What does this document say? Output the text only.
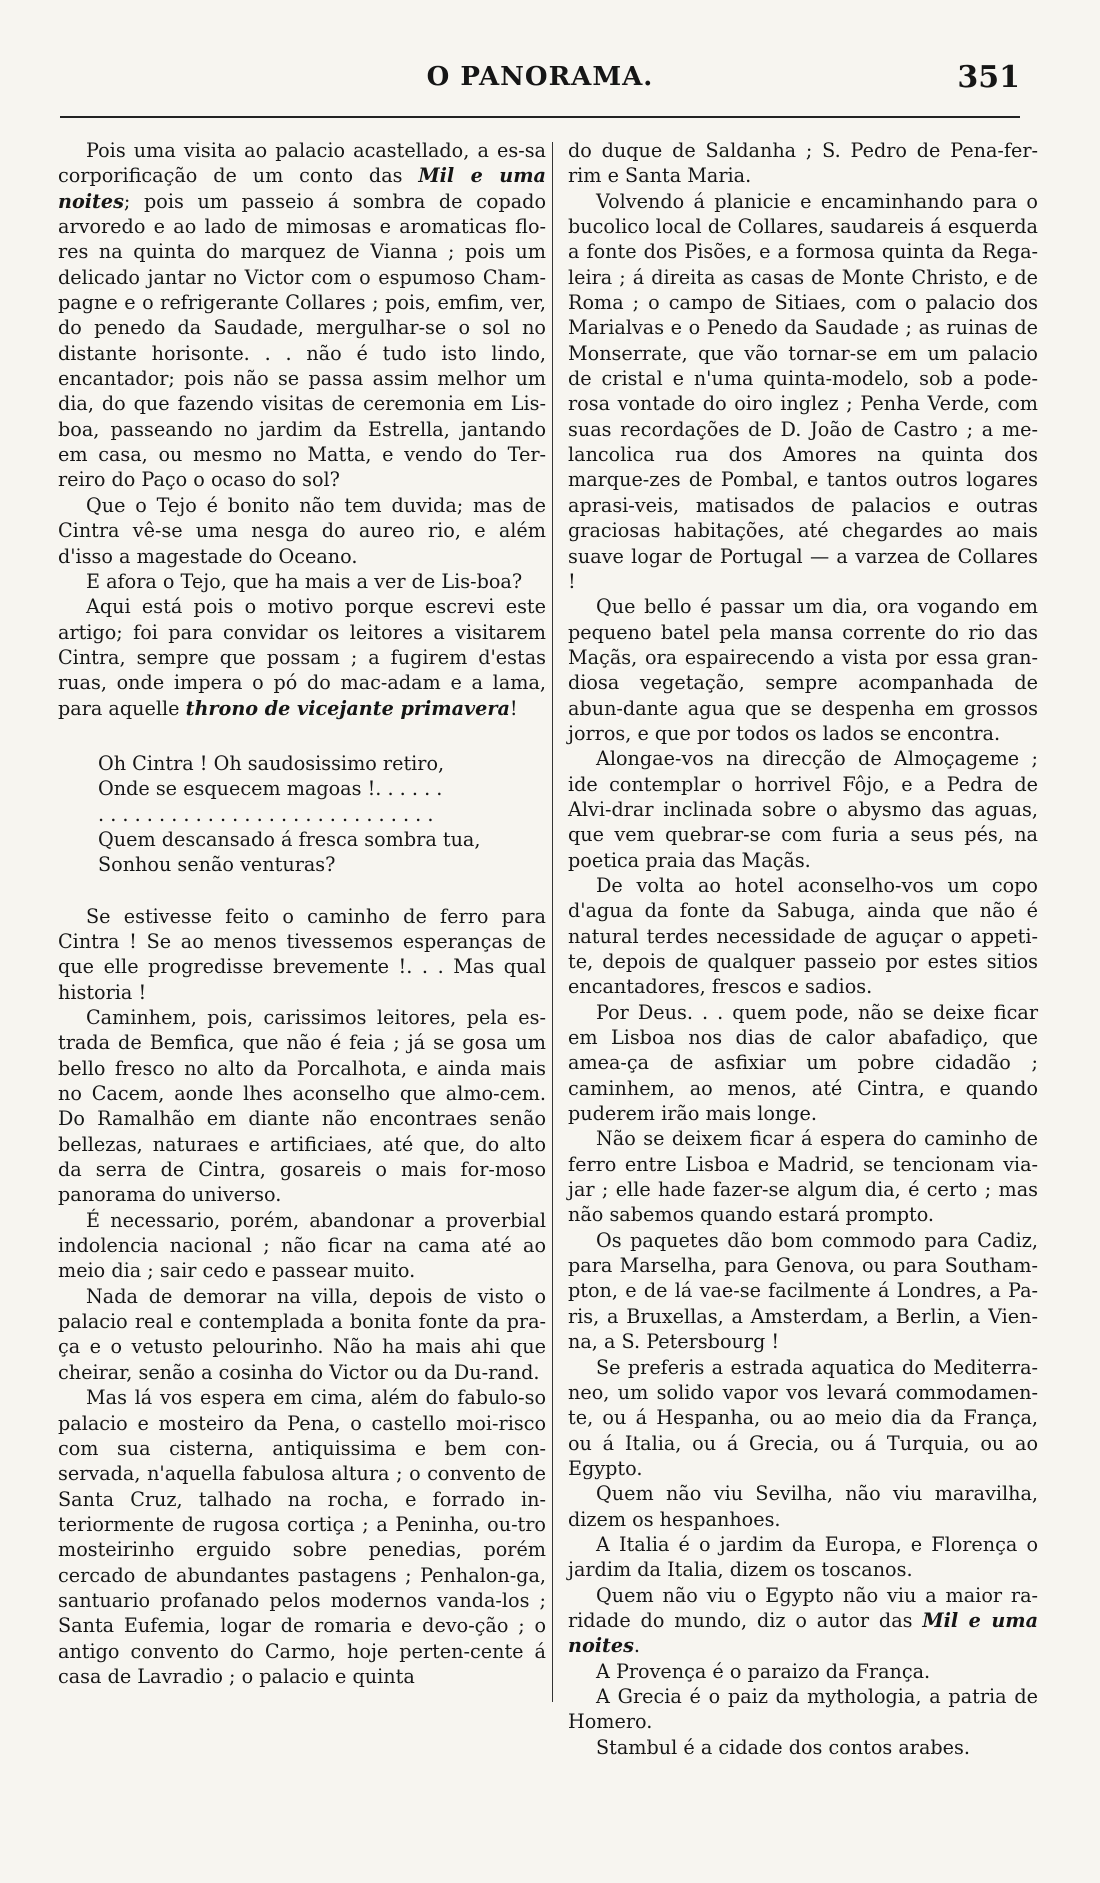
O PANORAMA.	351

Pois uma visita ao palacio acastellado, a es-sa corporificação de um conto das Mil e uma noites; pois um passeio á sombra de copado arvoredo e ao lado de mimosas e aromaticas flo-res na quinta do marquez de Vianna ; pois um delicado jantar no Victor com o espumoso Cham-pagne e o refrigerante Collares ; pois, emfim, ver, do penedo da Saudade, mergulhar-se o sol no distante horisonte. . . não é tudo isto lindo, encantador; pois não se passa assim melhor um dia, do que fazendo visitas de ceremonia em Lis-boa, passeando no jardim da Estrella, jantando em casa, ou mesmo no Matta, e vendo do Ter-reiro do Paço o ocaso do sol?

Que o Tejo é bonito não tem duvida; mas de Cintra vê-se uma nesga do aureo rio, e além d'isso a magestade do Oceano.

E afora o Tejo, que ha mais a ver de Lis-boa?

Aqui está pois o motivo porque escrevi este artigo; foi para convidar os leitores a visitarem Cintra, sempre que possam ; a fugirem d'estas ruas, onde impera o pó do mac-adam e a lama, para aquelle throno de vicejante primavera!

Oh Cintra ! Oh saudosissimo retiro,
Onde se esquecem magoas !. . . . . .
. . . . . . . . . . . . . . . . . . . . . . . . . . . .
Quem descansado á fresca sombra tua,
Sonhou senão venturas?

Se estivesse feito o caminho de ferro para Cintra ! Se ao menos tivessemos esperanças de que elle progredisse brevemente !. . . Mas qual historia !

Caminhem, pois, carissimos leitores, pela es-trada de Bemfica, que não é feia ; já se gosa um bello fresco no alto da Porcalhota, e ainda mais no Cacem, aonde lhes aconselho que almo-cem. Do Ramalhão em diante não encontraes senão bellezas, naturaes e artificiaes, até que, do alto da serra de Cintra, gosareis o mais for-moso panorama do universo.

É necessario, porém, abandonar a proverbial indolencia nacional ; não ficar na cama até ao meio dia ; sair cedo e passear muito.

Nada de demorar na villa, depois de visto o palacio real e contemplada a bonita fonte da pra-ça e o vetusto pelourinho. Não ha mais ahi que cheirar, senão a cosinha do Victor ou da Du-rand.

Mas lá vos espera em cima, além do fabulo-so palacio e mosteiro da Pena, o castello moi-risco com sua cisterna, antiquissima e bem con-servada, n'aquella fabulosa altura ; o convento de Santa Cruz, talhado na rocha, e forrado in-teriormente de rugosa cortiça ; a Peninha, ou-tro mosteirinho erguido sobre penedias, porém cercado de abundantes pastagens ; Penhalon-ga, santuario profanado pelos modernos vanda-los ; Santa Eufemia, logar de romaria e devo-ção ; o antigo convento do Carmo, hoje perten-cente á casa de Lavradio ; o palacio e quinta

do duque de Saldanha ; S. Pedro de Pena-fer-rim e Santa Maria.

Volvendo á planicie e encaminhando para o bucolico local de Collares, saudareis á esquerda a fonte dos Pisões, e a formosa quinta da Rega-leira ; á direita as casas de Monte Christo, e de Roma ; o campo de Sitiaes, com o palacio dos Marialvas e o Penedo da Saudade ; as ruinas de Monserrate, que vão tornar-se em um palacio de cristal e n'uma quinta-modelo, sob a pode-rosa vontade do oiro inglez ; Penha Verde, com suas recordações de D. João de Castro ; a me-lancolica rua dos Amores na quinta dos marque-zes de Pombal, e tantos outros logares aprasi-veis, matisados de palacios e outras graciosas habitações, até chegardes ao mais suave logar de Portugal — a varzea de Collares !

Que bello é passar um dia, ora vogando em pequeno batel pela mansa corrente do rio das Maçãs, ora espairecendo a vista por essa gran-diosa vegetação, sempre acompanhada de abun-dante agua que se despenha em grossos jorros, e que por todos os lados se encontra.

Alongae-vos na direcção de Almoçageme ; ide contemplar o horrivel Fôjo, e a Pedra de Alvi-drar inclinada sobre o abysmo das aguas, que vem quebrar-se com furia a seus pés, na poetica praia das Maçãs.

De volta ao hotel aconselho-vos um copo d'agua da fonte da Sabuga, ainda que não é natural terdes necessidade de aguçar o appeti-te, depois de qualquer passeio por estes sitios encantadores, frescos e sadios.

Por Deus. . . quem pode, não se deixe ficar em Lisboa nos dias de calor abafadiço, que amea-ça de asfixiar um pobre cidadão ; caminhem, ao menos, até Cintra, e quando puderem irão mais longe.

Não se deixem ficar á espera do caminho de ferro entre Lisboa e Madrid, se tencionam via-jar ; elle hade fazer-se algum dia, é certo ; mas não sabemos quando estará prompto.

Os paquetes dão bom commodo para Cadiz, para Marselha, para Genova, ou para Southam-pton, e de lá vae-se facilmente á Londres, a Pa-ris, a Bruxellas, a Amsterdam, a Berlin, a Vien-na, a S. Petersbourg !

Se preferis a estrada aquatica do Mediterra-neo, um solido vapor vos levará commodamen-te, ou á Hespanha, ou ao meio dia da França, ou á Italia, ou á Grecia, ou á Turquia, ou ao Egypto.

Quem não viu Sevilha, não viu maravilha, dizem os hespanhoes.

A Italia é o jardim da Europa, e Florença o jardim da Italia, dizem os toscanos.

Quem não viu o Egypto não viu a maior ra-ridade do mundo, diz o autor das Mil e uma noites.

A Provença é o paraizo da França.

A Grecia é o paiz da mythologia, a patria de Homero.

Stambul é a cidade dos contos arabes.
